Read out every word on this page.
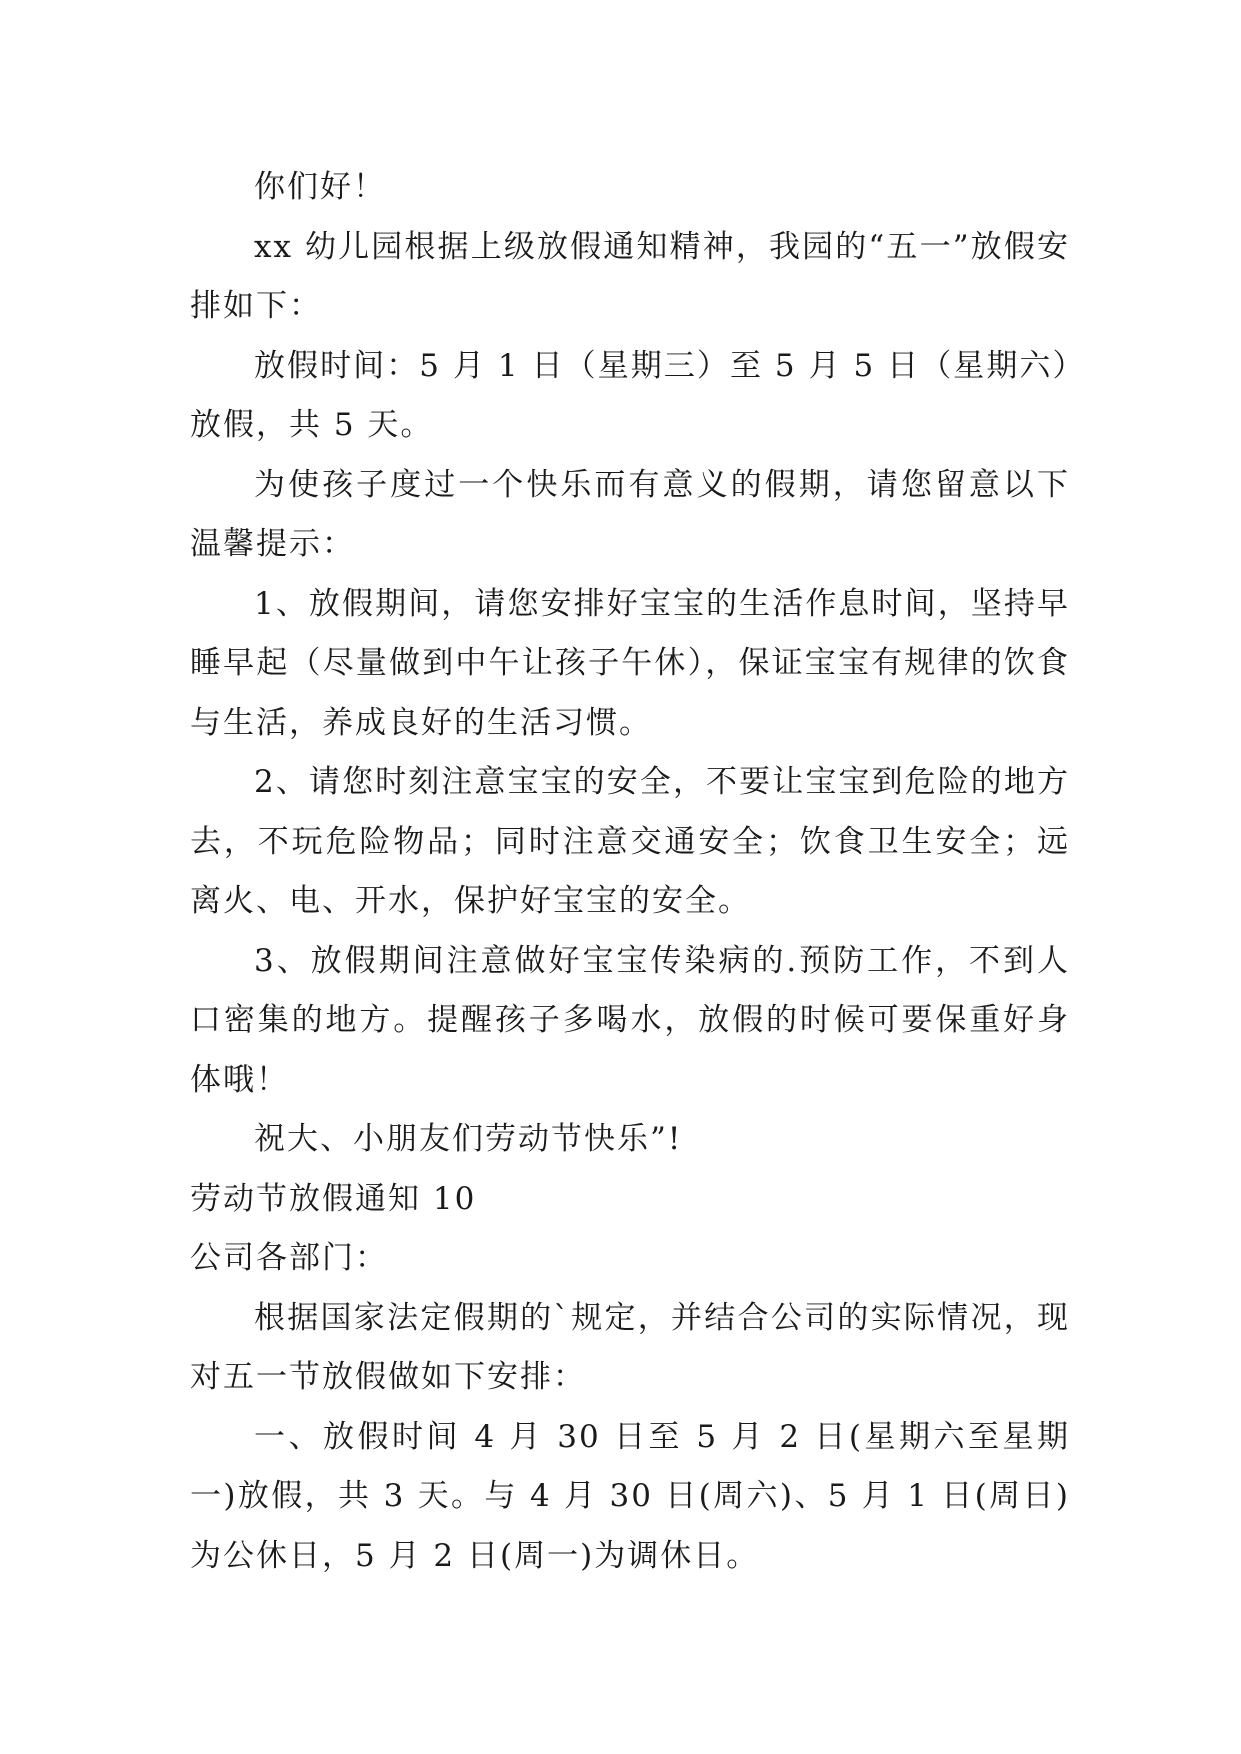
你们好！

xx 幼儿园根据上级放假通知精神，我园的“五一”放假安排如下：

放假时间：5 月 1 日（星期三）至 5 月 5 日（星期六）放假，共 5 天。

为使孩子度过一个快乐而有意义的假期，请您留意以下温馨提示：

1、放假期间，请您安排好宝宝的生活作息时间，坚持早睡早起（尽量做到中午让孩子午休），保证宝宝有规律的饮食与生活，养成良好的生活习惯。

2、请您时刻注意宝宝的安全，不要让宝宝到危险的地方去，不玩危险物品；同时注意交通安全；饮食卫生安全；远离火、电、开水，保护好宝宝的安全。

3、放假期间注意做好宝宝传染病的.预防工作，不到人口密集的地方。提醒孩子多喝水，放假的时候可要保重好身体哦！

祝大、小朋友们劳动节快乐”!

劳动节放假通知 10

公司各部门：

根据国家法定假期的`规定，并结合公司的实际情况，现对五一节放假做如下安排：

一、放假时间 4 月 30 日至 5 月 2 日(星期六至星期一)放假，共 3 天。与 4 月 30 日(周六)、5 月 1 日(周日)为公休日，5 月 2 日(周一)为调休日。
